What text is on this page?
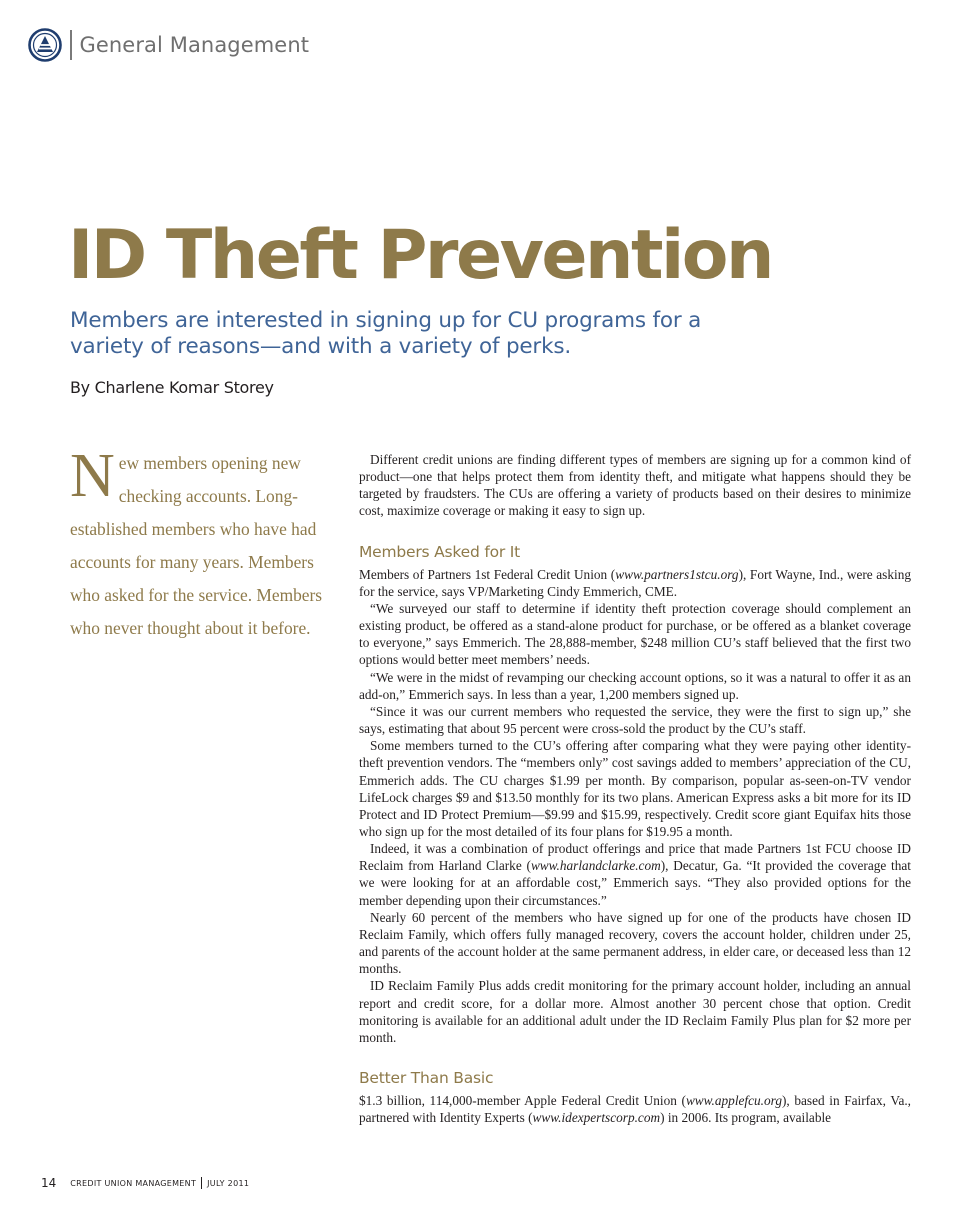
General Management
ID Theft Prevention
Members are interested in signing up for CU programs for a variety of reasons—and with a variety of perks.
By Charlene Komar Storey
New members opening new checking accounts. Long-established members who have had accounts for many years. Members who asked for the service. Members who never thought about it before.

Different credit unions are finding different types of members are signing up for a common kind of product—one that helps protect them from identity theft, and mitigate what happens should they be targeted by fraudsters. The CUs are offering a variety of products based on their desires to minimize cost, maximize coverage or making it easy to sign up.

Members Asked for It

Members of Partners 1st Federal Credit Union (www.partners1stcu.org), Fort Wayne, Ind., were asking for the service, says VP/Marketing Cindy Emmerich, CME.

“We surveyed our staff to determine if identity theft protection coverage should complement an existing product, be offered as a stand-alone product for purchase, or be offered as a blanket coverage to everyone,” says Emmerich. The 28,888-member, $248 million CU’s staff believed that the first two options would better meet members’ needs.

“We were in the midst of revamping our checking account options, so it was a natural to offer it as an add-on,” Emmerich says. In less than a year, 1,200 members signed up.

“Since it was our current members who requested the service, they were the first to sign up,” she says, estimating that about 95 percent were cross-sold the product by the CU’s staff.

Some members turned to the CU’s offering after comparing what they were paying other identity-theft prevention vendors. The “members only” cost savings added to members’ appreciation of the CU, Emmerich adds. The CU charges $1.99 per month. By comparison, popular as-seen-on-TV vendor LifeLock charges $9 and $13.50 monthly for its two plans. American Express asks a bit more for its ID Protect and ID Protect Premium—$9.99 and $15.99, respectively. Credit score giant Equifax hits those who sign up for the most detailed of its four plans for $19.95 a month.

Indeed, it was a combination of product offerings and price that made Partners 1st FCU choose ID Reclaim from Harland Clarke (www.harlandclarke.com), Decatur, Ga. “It provided the coverage that we were looking for at an affordable cost,” Emmerich says. “They also provided options for the member depending upon their circumstances.”

Nearly 60 percent of the members who have signed up for one of the products have chosen ID Reclaim Family, which offers fully managed recovery, covers the account holder, children under 25, and parents of the account holder at the same permanent address, in elder care, or deceased less than 12 months.

ID Reclaim Family Plus adds credit monitoring for the primary account holder, including an annual report and credit score, for a dollar more. Almost another 30 percent chose that option. Credit monitoring is available for an additional adult under the ID Reclaim Family Plus plan for $2 more per month.

Better Than Basic

$1.3 billion, 114,000-member Apple Federal Credit Union (www.applefcu.org), based in Fairfax, Va., partnered with Identity Experts (www.idexpertscorp.com) in 2006. Its program, available

14 CREDIT UNION MANAGEMENT JULY 2011
